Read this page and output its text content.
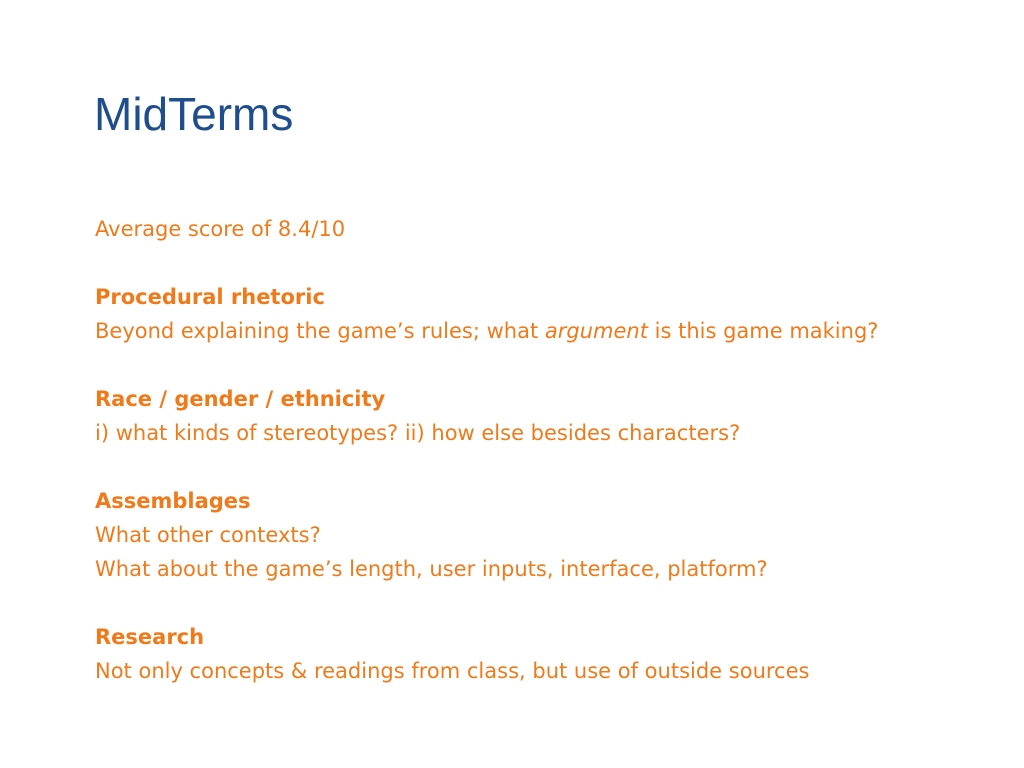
MidTerms

Average score of 8.4/10

Procedural rhetoric

Beyond explaining the game’s rules; what argument is this game making?

Race / gender / ethnicity

i) what kinds of stereotypes? ii) how else besides characters?

Assemblages

What other contexts?

What about the game’s length, user inputs, interface, platform?

Research

Not only concepts & readings from class, but use of outside sources
